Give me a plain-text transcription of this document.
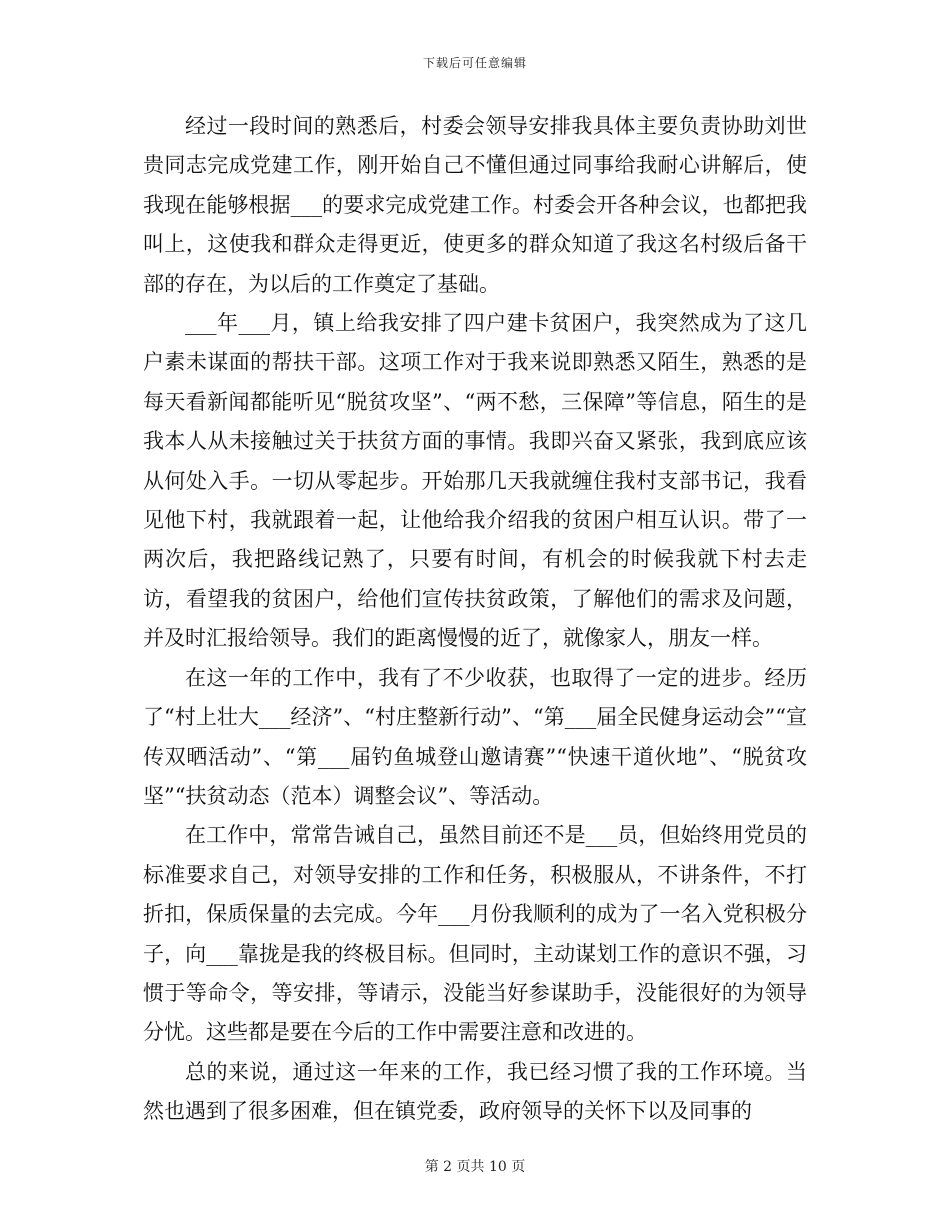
下载后可任意编辑

经过一段时间的熟悉后，村委会领导安排我具体主要负责协助刘世贵同志完成党建工作，刚开始自己不懂但通过同事给我耐心讲解后，使我现在能够根据___的要求完成党建工作。村委会开各种会议，也都把我叫上，这使我和群众走得更近，使更多的群众知道了我这名村级后备干部的存在，为以后的工作奠定了基础。

___年___月，镇上给我安排了四户建卡贫困户，我突然成为了这几户素未谋面的帮扶干部。这项工作对于我来说即熟悉又陌生，熟悉的是每天看新闻都能听见“脱贫攻坚”、“两不愁，三保障”等信息，陌生的是我本人从未接触过关于扶贫方面的事情。我即兴奋又紧张，我到底应该从何处入手。一切从零起步。开始那几天我就缠住我村支部书记，我看见他下村，我就跟着一起，让他给我介绍我的贫困户相互认识。带了一两次后，我把路线记熟了，只要有时间，有机会的时候我就下村去走访，看望我的贫困户，给他们宣传扶贫政策，了解他们的需求及问题，并及时汇报给领导。我们的距离慢慢的近了，就像家人，朋友一样。

在这一年的工作中，我有了不少收获，也取得了一定的进步。经历了“村上壮大___经济”、“村庄整新行动”、“第___届全民健身运动会”“宣传双晒活动”、“第___届钓鱼城登山邀请赛”“快速干道伙地”、“脱贫攻坚”“扶贫动态（范本）调整会议”、等活动。

在工作中，常常告诫自己，虽然目前还不是___员，但始终用党员的标准要求自己，对领导安排的工作和任务，积极服从，不讲条件，不打折扣，保质保量的去完成。今年___月份我顺利的成为了一名入党积极分子，向___靠拢是我的终极目标。但同时，主动谋划工作的意识不强，习惯于等命令，等安排，等请示，没能当好参谋助手，没能很好的为领导分忧。这些都是要在今后的工作中需要注意和改进的。

总的来说，通过这一年来的工作，我已经习惯了我的工作环境。当然也遇到了很多困难，但在镇党委，政府领导的关怀下以及同事的

第 2 页共 10 页
